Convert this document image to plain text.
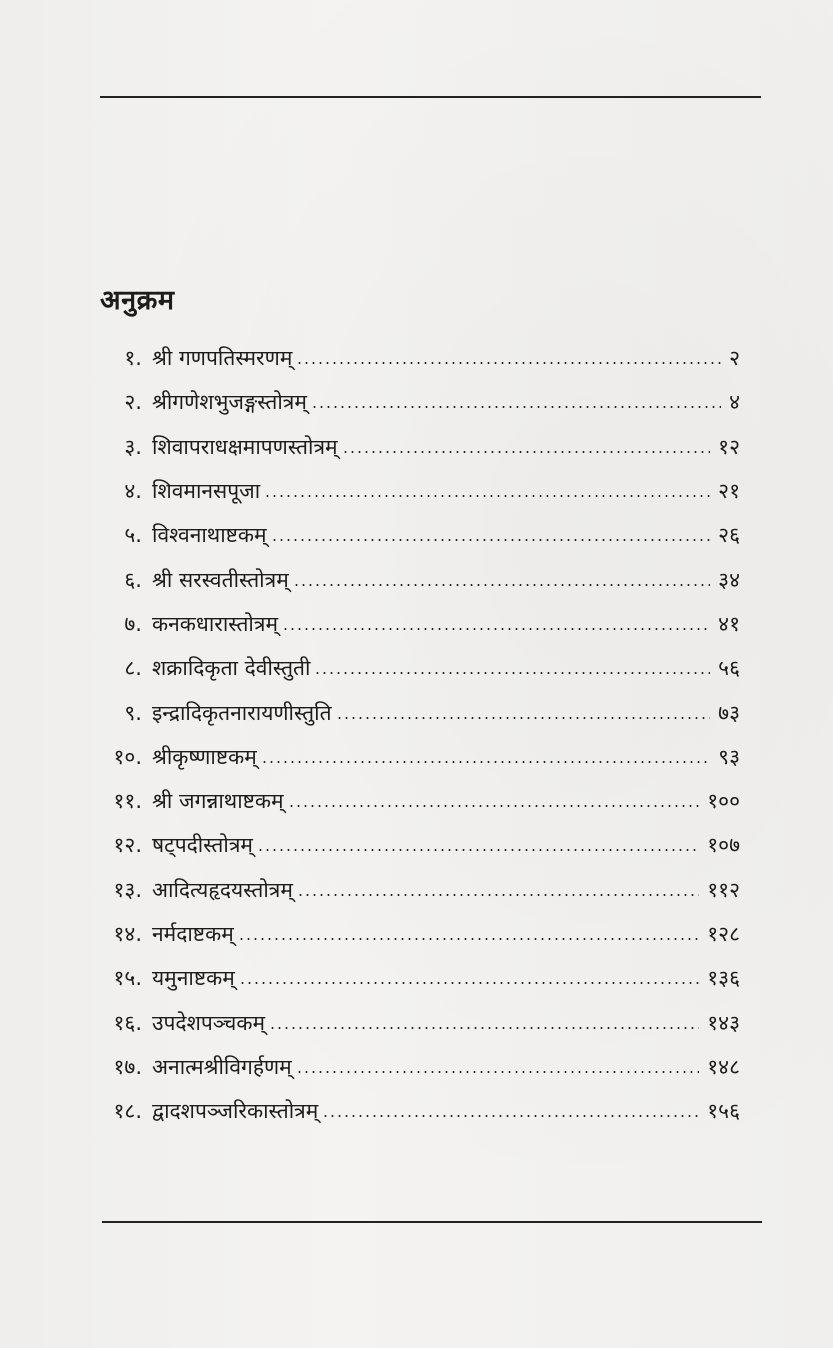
अनुक्रम
१. श्री गणपतिस्मरणम्	२
२. श्रीगणेशभुजङ्गस्तोत्रम्	४
३. शिवापराधक्षमापणस्तोत्रम्	१२
४. शिवमानसपूजा	२१
५. विश्वनाथाष्टकम्	२६
६. श्री सरस्वतीस्तोत्रम्	३४
७. कनकधारास्तोत्रम्	४१
८. शक्रादिकृता देवीस्तुती	५६
९. इन्द्रादिकृतनारायणीस्तुति	७३
१०. श्रीकृष्णाष्टकम्	९३
११. श्री जगन्नाथाष्टकम्	१००
१२. षट्पदीस्तोत्रम्	१०७
१३. आदित्यहृदयस्तोत्रम्	११२
१४. नर्मदाष्टकम्	१२८
१५. यमुनाष्टकम्	१३६
१६. उपदेशपञ्चकम्	१४३
१७. अनात्मश्रीविगर्हणम्	१४८
१८. द्वादशपञ्जरिकास्तोत्रम्	१५६
